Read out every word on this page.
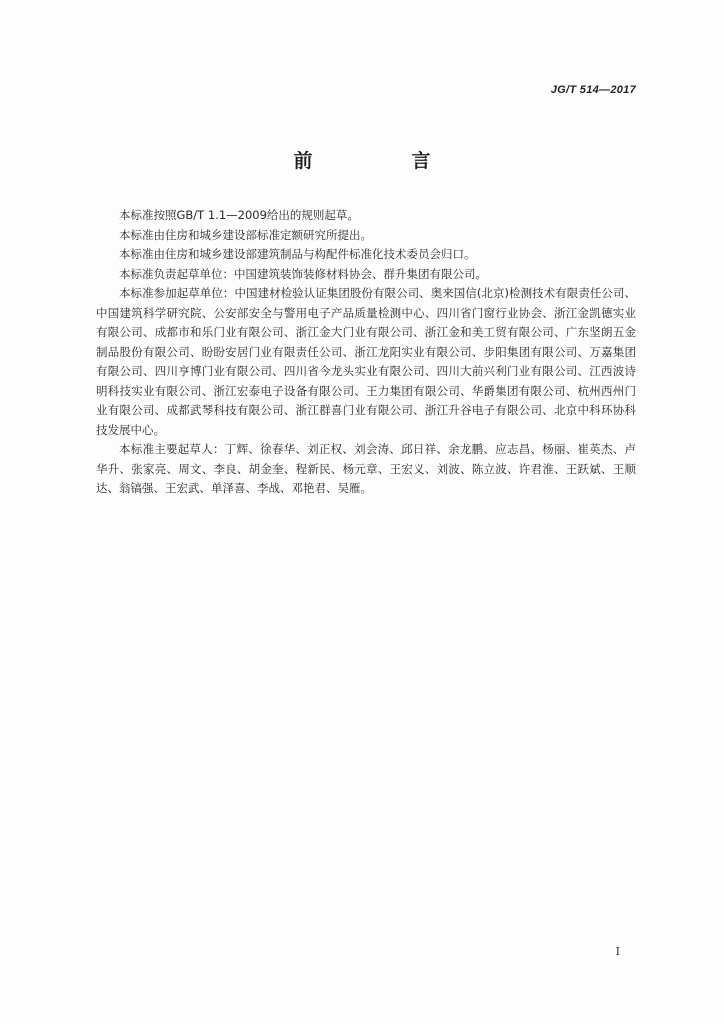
JG/T 514—2017
前　言

本标准按照GB/T 1.1—2009给出的规则起草。

本标准由住房和城乡建设部标准定额研究所提出。

本标准由住房和城乡建设部建筑制品与构配件标准化技术委员会归口。

本标准负责起草单位：中国建筑装饰装修材料协会、群升集团有限公司。

本标准参加起草单位：中国建材检验认证集团股份有限公司、奥来国信(北京)检测技术有限责任公司、中国建筑科学研究院、公安部安全与警用电子产品质量检测中心、四川省门窗行业协会、浙江金凯德实业有限公司、成都市和乐门业有限公司、浙江金大门业有限公司、浙江金和美工贸有限公司、广东坚朗五金制品股份有限公司、盼盼安居门业有限责任公司、浙江龙阳实业有限公司、步阳集团有限公司、万嘉集团有限公司、四川亨博门业有限公司、四川省今龙头实业有限公司、四川大前兴利门业有限公司、江西波诗明科技实业有限公司、浙江宏泰电子设备有限公司、王力集团有限公司、华爵集团有限公司、杭州西州门业有限公司、成都武琴科技有限公司、浙江群喜门业有限公司、浙江升谷电子有限公司、北京中科环协科技发展中心。

本标准主要起草人：丁辉、徐春华、刘正权、刘会涛、邱日祥、余龙鹏、应志昌、杨丽、崔英杰、卢华升、张家亮、周文、李良、胡金奎、程新民、杨元章、王宏义、刘波、陈立波、许君淮、王跃斌、王顺达、翁镐强、王宏武、单泽喜、李战、邓艳君、吴雁。

I
